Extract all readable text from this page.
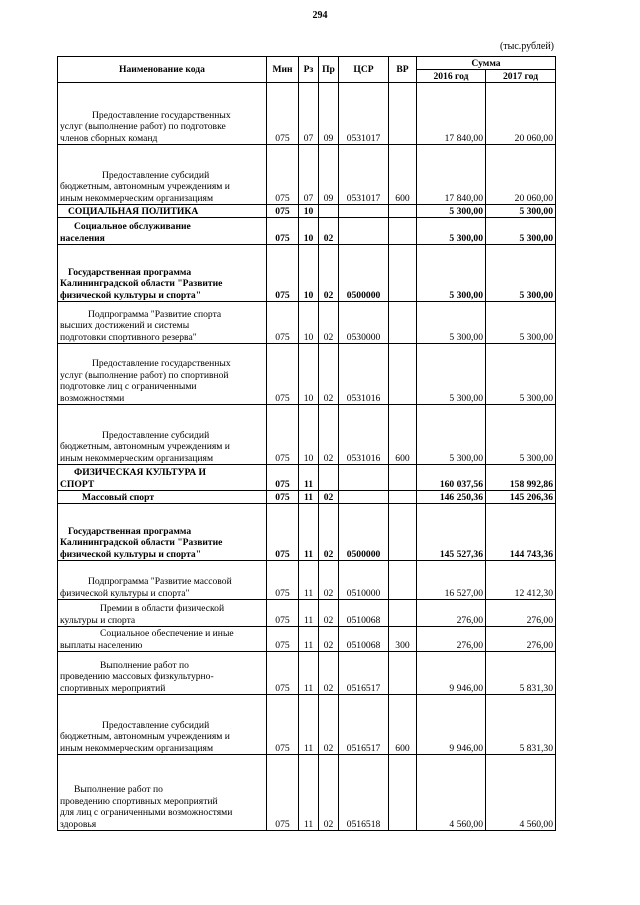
294
(тыс.рублей)
Наименование кода	Мин	Рз	Пр	ЦСР	ВР	Сумма	
						2016 год	2017 год
Предоставление государственных
услуг (выполнение работ) по подготовке
членов сборных команд	075	07	09	0531017		17 840,00	20 060,00
Предоставление субсидий
бюджетным, автономным учреждениям и
иным некоммерческим организациям	075	07	09	0531017	600	17 840,00	20 060,00
СОЦИАЛЬНАЯ ПОЛИТИКА	075	10				5 300,00	5 300,00
Социальное обслуживание
населения	075	10	02			5 300,00	5 300,00
Государственная программа
Калининградской области "Развитие
физической культуры и спорта"	075	10	02	0500000		5 300,00	5 300,00
Подпрограмма "Развитие спорта
высших достижений и системы
подготовки спортивного резерва"	075	10	02	0530000		5 300,00	5 300,00
Предоставление государственных
услуг (выполнение работ) по спортивной
подготовке лиц с ограниченными
возможностями	075	10	02	0531016		5 300,00	5 300,00
Предоставление субсидий
бюджетным, автономным учреждениям и
иным некоммерческим организациям	075	10	02	0531016	600	5 300,00	5 300,00
ФИЗИЧЕСКАЯ КУЛЬТУРА И
СПОРТ	075	11				160 037,56	158 992,86
Массовый спорт	075	11	02			146 250,36	145 206,36
Государственная программа
Калининградской области "Развитие
физической культуры и спорта"	075	11	02	0500000		145 527,36	144 743,36
Подпрограмма "Развитие массовой
физической культуры и спорта"	075	11	02	0510000		16 527,00	12 412,30
Премии в области физической
культуры и спорта	075	11	02	0510068		276,00	276,00
Социальное обеспечение и иные
выплаты населению	075	11	02	0510068	300	276,00	276,00
Выполнение работ по
проведению массовых физкультурно-
спортивных мероприятий	075	11	02	0516517		9 946,00	5 831,30
Предоставление субсидий
бюджетным, автономным учреждениям и
иным некоммерческим организациям	075	11	02	0516517	600	9 946,00	5 831,30
Выполнение работ по
проведению спортивных мероприятий
для лиц с ограниченными возможностями
здоровья	075	11	02	0516518		4 560,00	4 560,00
